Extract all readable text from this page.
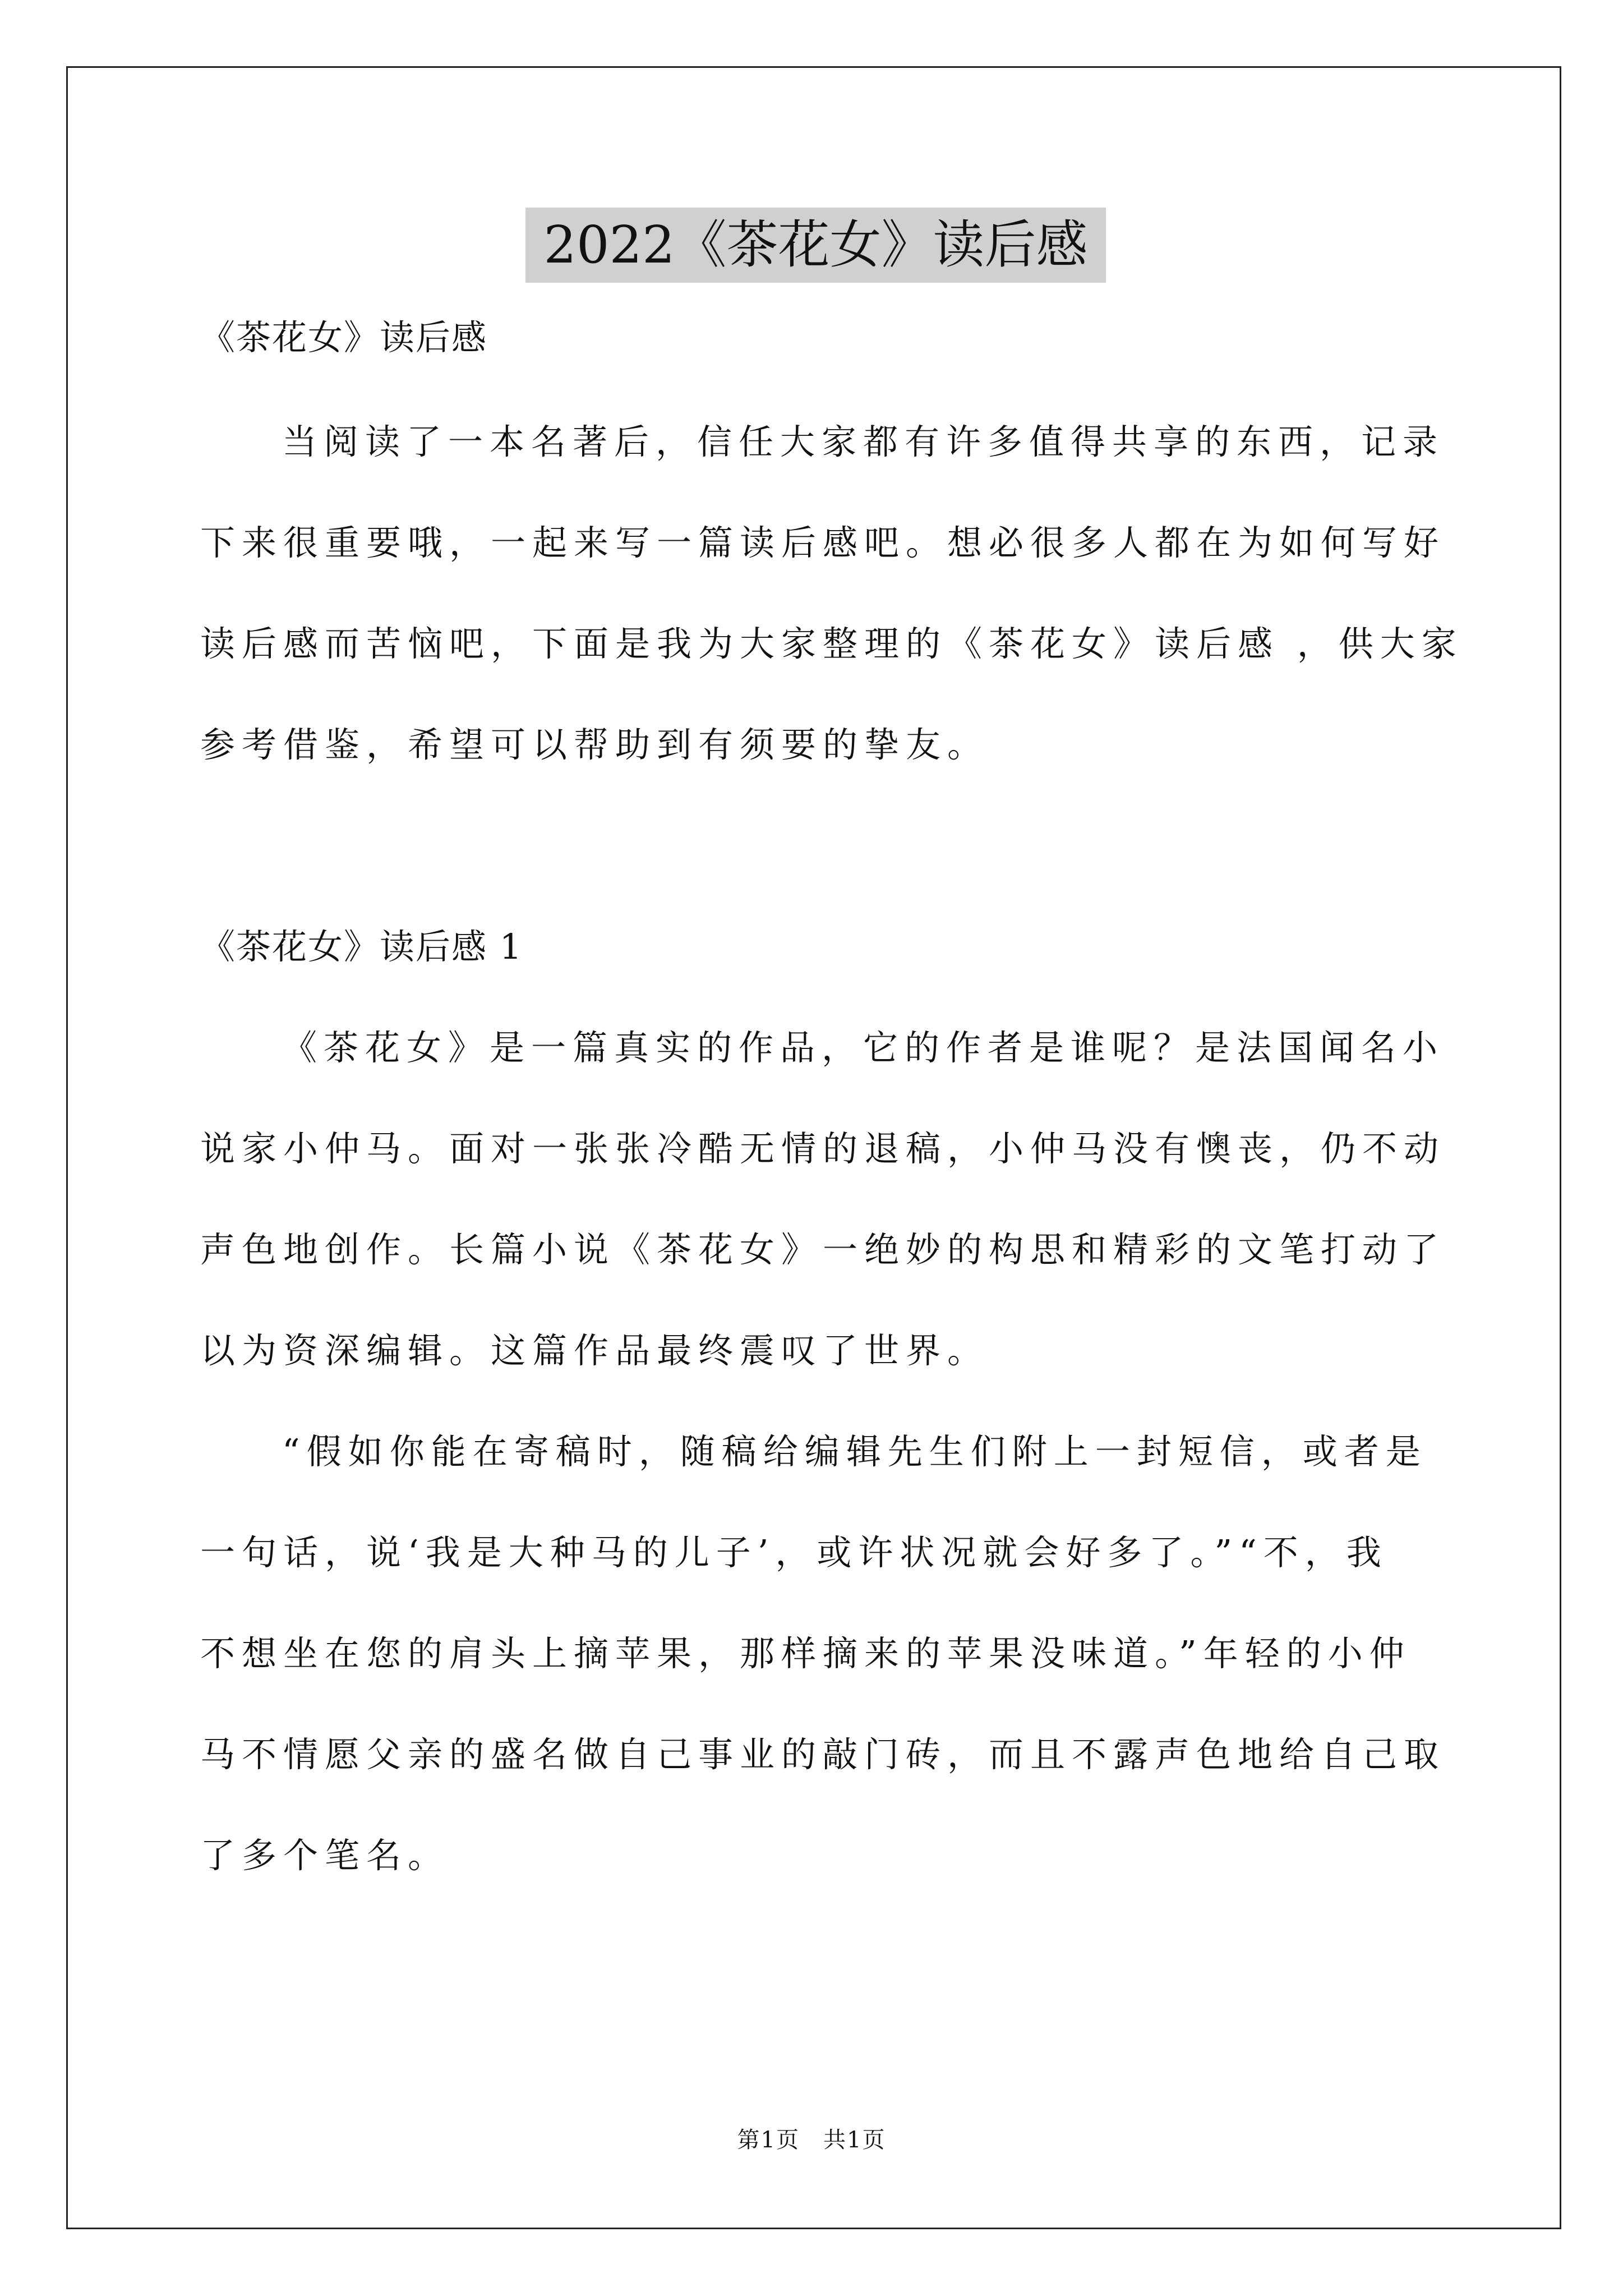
2022《茶花女》读后感
《茶花女》读后感
当阅读了一本名著后，信任大家都有许多值得共享的东西，记录
下来很重要哦，一起来写一篇读后感吧。想必很多人都在为如何写好
读后感而苦恼吧，下面是我为大家整理的《茶花女》读后感 ，供大家
参考借鉴，希望可以帮助到有须要的挚友。
《茶花女》读后感 1
《茶花女》是一篇真实的作品，它的作者是谁呢？是法国闻名小
说家小仲马。面对一张张冷酷无情的退稿，小仲马没有懊丧，仍不动
声色地创作。长篇小说《茶花女》一绝妙的构思和精彩的文笔打动了
以为资深编辑。这篇作品最终震叹了世界。
“假如你能在寄稿时，随稿给编辑先生们附上一封短信，或者是
一句话，说‘我是大种马的儿子’，或许状况就会好多了。”“不，我
不想坐在您的肩头上摘苹果，那样摘来的苹果没味道。”年轻的小仲
马不情愿父亲的盛名做自己事业的敲门砖，而且不露声色地给自己取
了多个笔名。
第1页　共1页
